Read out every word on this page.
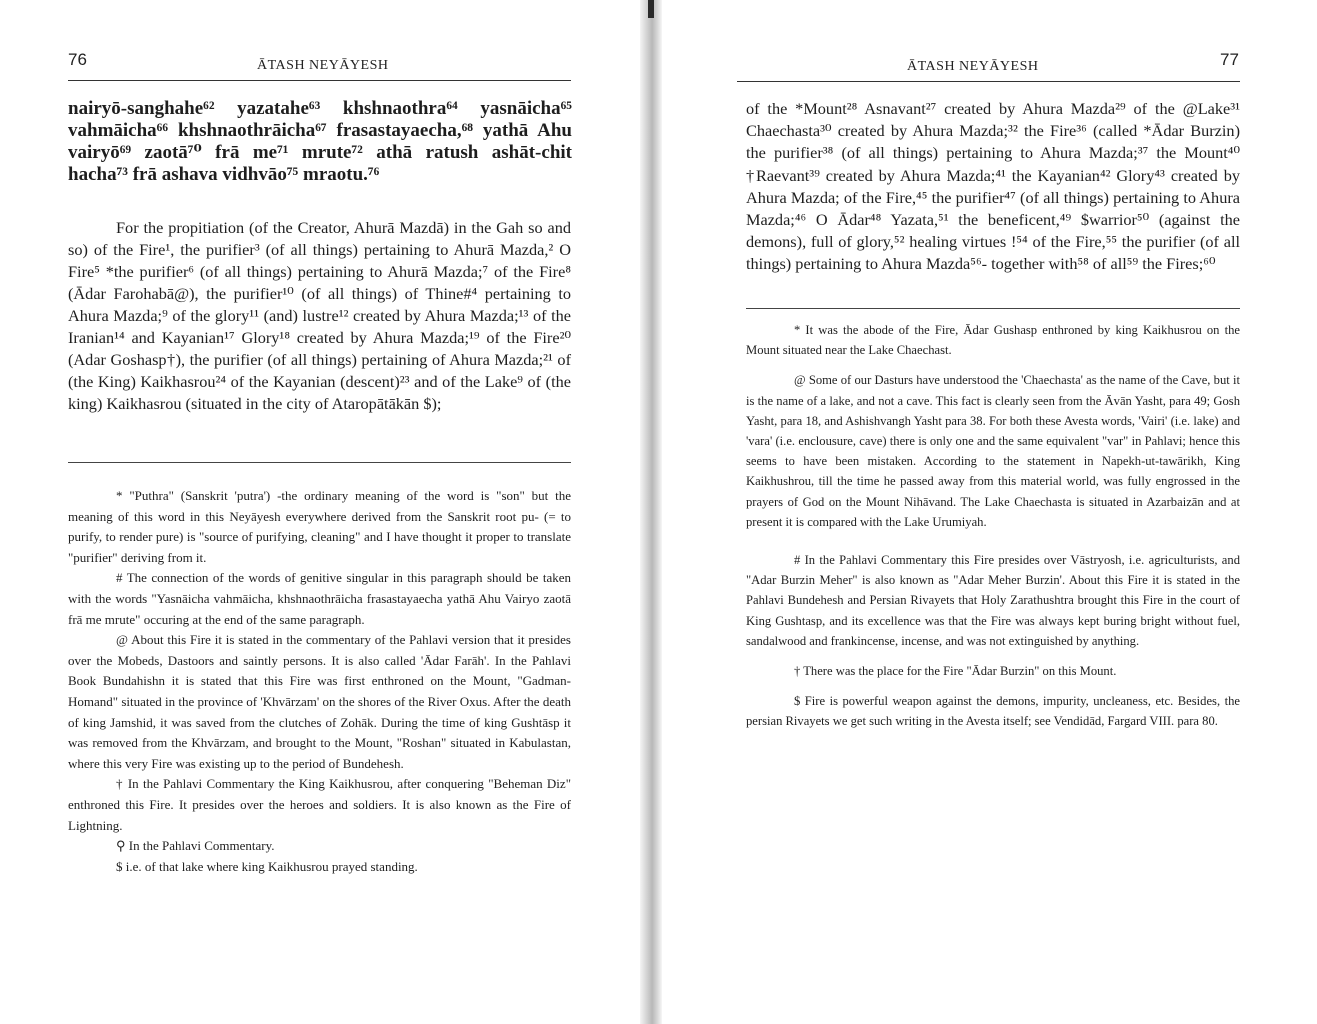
76	ĀTASH NEYĀYESH

nairyō-sanghahe⁶² yazatahe⁶³ khshnaothra⁶⁴ yasnāicha⁶⁵ vahmāicha⁶⁶ khshnaothrāicha⁶⁷ frasastayaecha,⁶⁸ yathā Ahu vairyō⁶⁹ zaotā⁷⁰ frā me⁷¹ mrute⁷² athā ratush ashāt-chit hacha⁷³ frā ashava vidhvāo⁷⁵ mraotu.⁷⁶

For the propitiation (of the Creator, Ahurā Mazdā) in the Gah so and so) of the Fire¹, the purifier³ (of all things) pertaining to Ahurā Mazda,² O Fire⁵ *the purifier⁶ (of all things) pertaining to Ahurā Mazda;⁷ of the Fire⁸ (Ādar Farohabā@), the purifier¹⁰ (of all things) of Thine#⁴ pertaining to Ahura Mazda;⁹ of the glory¹¹ (and) lustre¹² created by Ahura Mazda;¹³ of the Iranian¹⁴ and Kayanian¹⁷ Glory¹⁸ created by Ahura Mazda;¹⁹ of the Fire²⁰ (Adar Goshasp†), the purifier (of all things) pertaining of Ahura Mazda;²¹ of (the King) Kaikhasrou²⁴ of the Kayanian (descent)²³ and of the Lake⁹ of (the king) Kaikhasrou (situated in the city of Ataropātākān $);

* "Puthra" (Sanskrit 'putra') -the ordinary meaning of the word is "son" but the meaning of this word in this Neyāyesh everywhere derived from the Sanskrit root pu- (= to purify, to render pure) is "source of purifying, cleaning" and I have thought it proper to translate "purifier" deriving from it.

# The connection of the words of genitive singular in this paragraph should be taken with the words "Yasnāicha vahmāicha, khshnaothrāicha frasastayaecha yathā Ahu Vairyo zaotā frā me mrute" occuring at the end of the same paragraph.

@ About this Fire it is stated in the commentary of the Pahlavi version that it presides over the Mobeds, Dastoors and saintly persons. It is also called 'Ādar Farāh'. In the Pahlavi Book Bundahishn it is stated that this Fire was first enthroned on the Mount, "Gadman-Homand" situated in the province of 'Khvārzam' on the shores of the River Oxus. After the death of king Jamshid, it was saved from the clutches of Zohāk. During the time of king Gushtāsp it was removed from the Khvārzam, and brought to the Mount, "Roshan" situated in Kabulastan, where this very Fire was existing up to the period of Bundehesh.

† In the Pahlavi Commentary the King Kaikhusrou, after conquering "Beheman Diz" enthroned this Fire. It presides over the heroes and soldiers. It is also known as the Fire of Lightning.

⚲ In the Pahlavi Commentary.

$ i.e. of that lake where king Kaikhusrou prayed standing.

77
ĀTASH NEYĀYESH

of the *Mount²⁸ Asnavant²⁷ created by Ahura Mazda²⁹ of the @Lake³¹ Chaechasta³⁰ created by Ahura Mazda;³² the Fire³⁶ (called *Ādar Burzin) the purifier³⁸ (of all things) pertaining to Ahura Mazda;³⁷ the Mount⁴⁰ †Raevant³⁹ created by Ahura Mazda;⁴¹ the Kayanian⁴² Glory⁴³ created by Ahura Mazda; of the Fire,⁴⁵ the purifier⁴⁷ (of all things) pertaining to Ahura Mazda;⁴⁶ O Ādar⁴⁸ Yazata,⁵¹ the beneficent,⁴⁹ $warrior⁵⁰ (against the demons), full of glory,⁵² healing virtues !⁵⁴ of the Fire,⁵⁵ the purifier (of all things) pertaining to Ahura Mazda⁵⁶- together with⁵⁸ of all⁵⁹ the Fires;⁶⁰

* It was the abode of the Fire, Ādar Gushasp enthroned by king Kaikhusrou on the Mount situated near the Lake Chaechast.

@ Some of our Dasturs have understood the 'Chaechasta' as the name of the Cave, but it is the name of a lake, and not a cave. This fact is clearly seen from the Āvān Yasht, para 49; Gosh Yasht, para 18, and Ashishvangh Yasht para 38. For both these Avesta words, 'Vairi' (i.e. lake) and 'vara' (i.e. enclousure, cave) there is only one and the same equivalent "var" in Pahlavi; hence this seems to have been mistaken. According to the statement in Napekh-ut-tawārikh, King Kaikhushrou, till the time he passed away from this material world, was fully engrossed in the prayers of God on the Mount Nihāvand. The Lake Chaechasta is situated in Azarbaizān and at present it is compared with the Lake Urumiyah.

# In the Pahlavi Commentary this Fire presides over Vāstryosh, i.e. agriculturists, and "Adar Burzin Meher" is also known as "Adar Meher Burzin'. About this Fire it is stated in the Pahlavi Bundehesh and Persian Rivayets that Holy Zarathushtra brought this Fire in the court of King Gushtasp, and its excellence was that the Fire was always kept buring bright without fuel, sandalwood and frankincense, incense, and was not extinguished by anything.

† There was the place for the Fire "Ādar Burzin" on this Mount.

$ Fire is powerful weapon against the demons, impurity, uncleaness, etc. Besides, the persian Rivayets we get such writing in the Avesta itself; see Vendidād, Fargard VIII. para 80.
